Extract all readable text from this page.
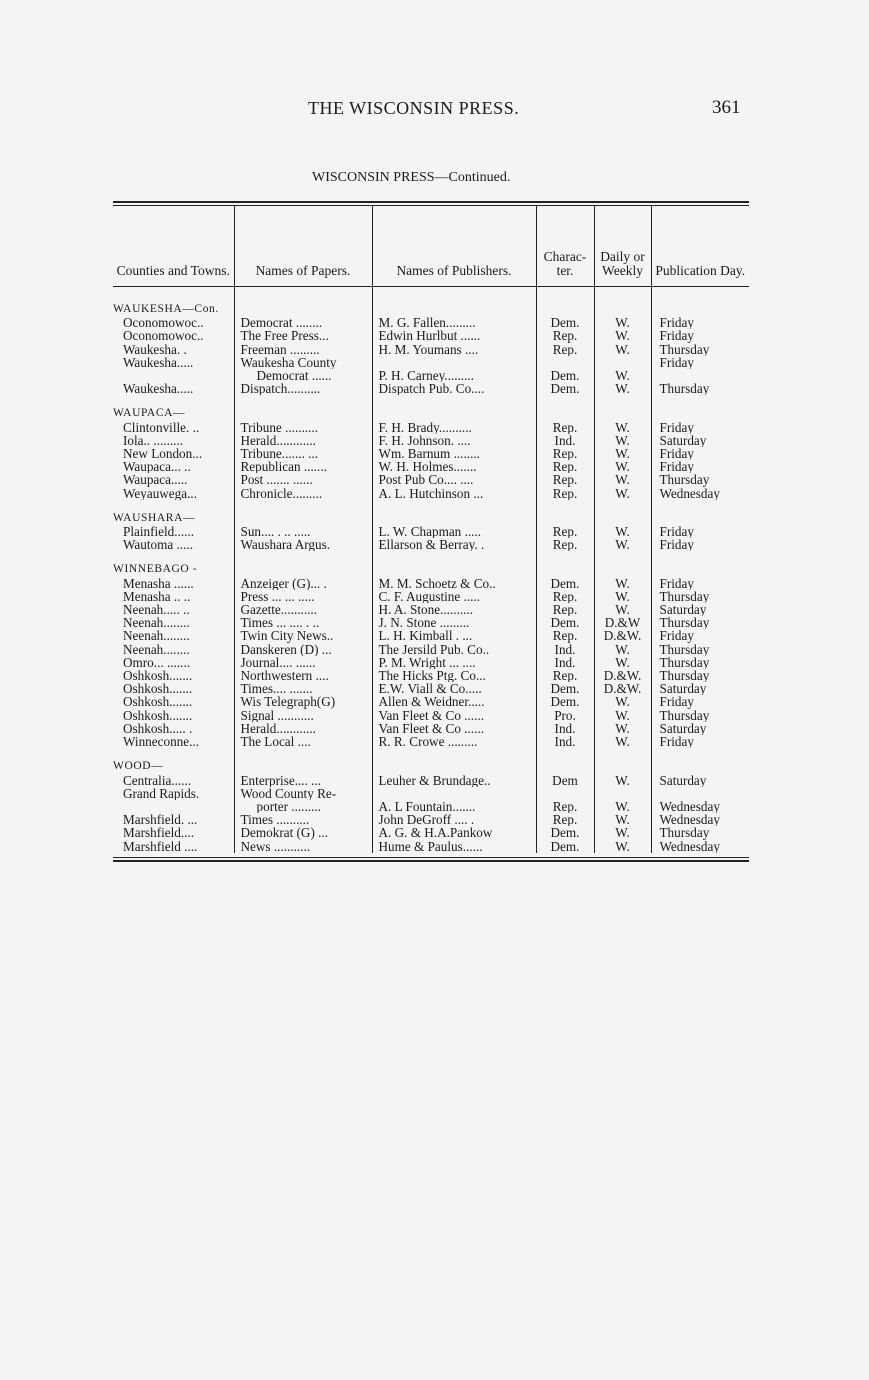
THE WISCONSIN PRESS.	361
WISCONSIN PRESS—Continued.
Counties and Towns.	Names of Papers.	Names of Publishers.	Charac-ter.	Daily or Weekly	Publication Day.

WAUKESHA—Con.					
Oconomowoc..	Democrat ........	M. G. Fallen.........	Dem.	W.	Friday
Oconomowoc..	The Free Press...	Edwin Hurlbut ......	Rep.	W.	Friday
Waukesha. .	Freeman .........	H. M. Youmans ....	Rep.	W.	Thursday
Waukesha.....	Waukesha County				Friday
	Democrat ......	P. H. Carney.........	Dem.	W.	
Waukesha.....	Dispatch..........	Dispatch Pub. Co....	Dem.	W.	Thursday

WAUPACA—					
Clintonville. ..	Tribune ..........	F. H. Brady..........	Rep.	W.	Friday
Iola.. .........	Herald............	F. H. Johnson. ....	Ind.	W.	Saturday
New London...	Tribune....... ...	Wm. Barnum ........	Rep.	W.	Friday
Waupaca... ..	Republican .......	W. H. Holmes.......	Rep.	W.	Friday
Waupaca.....	Post ....... ......	Post Pub Co.... ....	Rep.	W.	Thursday
Weyauwega...	Chronicle.........	A. L. Hutchinson ...	Rep.	W.	Wednesday

WAUSHARA—					
Plainfield......	Sun.... . .. .....	L. W. Chapman .....	Rep.	W.	Friday
Wautoma .....	Waushara Argus.	Ellarson & Berray. .	Rep.	W.	Friday

WINNEBAGO -					
Menasha ......	Anzeiger (G)... .	M. M. Schoetz & Co..	Dem.	W.	Friday
Menasha .. ..	Press ... ... .....	C. F. Augustine .....	Rep.	W.	Thursday
Neenah..... ..	Gazette...........	H. A. Stone..........	Rep.	W.	Saturday
Neenah........	Times ... .... . ..	J. N. Stone .........	Dem.	D.&W	Thursday
Neenah........	Twin City News..	L. H. Kimball . ...	Rep.	D.&W.	Friday
Neenah........	Danskeren (D) ...	The Jersild Pub. Co..	Ind.	W.	Thursday
Omro... .......	Journal.... ......	P. M. Wright ... ....	Ind.	W.	Thursday
Oshkosh.......	Northwestern ....	The Hicks Ptg. Co...	Rep.	D.&W.	Thursday
Oshkosh.......	Times.... .......	E.W. Viall & Co.....	Dem.	D.&W.	Saturday
Oshkosh.......	Wis Telegraph(G)	Allen & Weidner.....	Dem.	W.	Friday
Oshkosh.......	Signal ...........	Van Fleet & Co ......	Pro.	W.	Thursday
Oshkosh..... .	Herald............	Van Fleet & Co ......	Ind.	W.	Saturday
Winneconne...	The Local ....	R. R. Crowe .........	Ind.	W.	Friday

WOOD—					
Centralia......	Enterprise.... ...	Leuher & Brundage..	Dem	W.	Saturday
Grand Rapids.	Wood County Re-				
	porter .........	A. L Fountain.......	Rep.	W.	Wednesday
Marshfield. ...	Times ..........	John DeGroff .... .	Rep.	W.	Wednesday
Marshfield....	Demokrat (G) ...	A. G. & H.A.Pankow	Dem.	W.	Thursday
Marshfield ....	News ...........	Hume & Paulus......	Dem.	W.	Wednesday
